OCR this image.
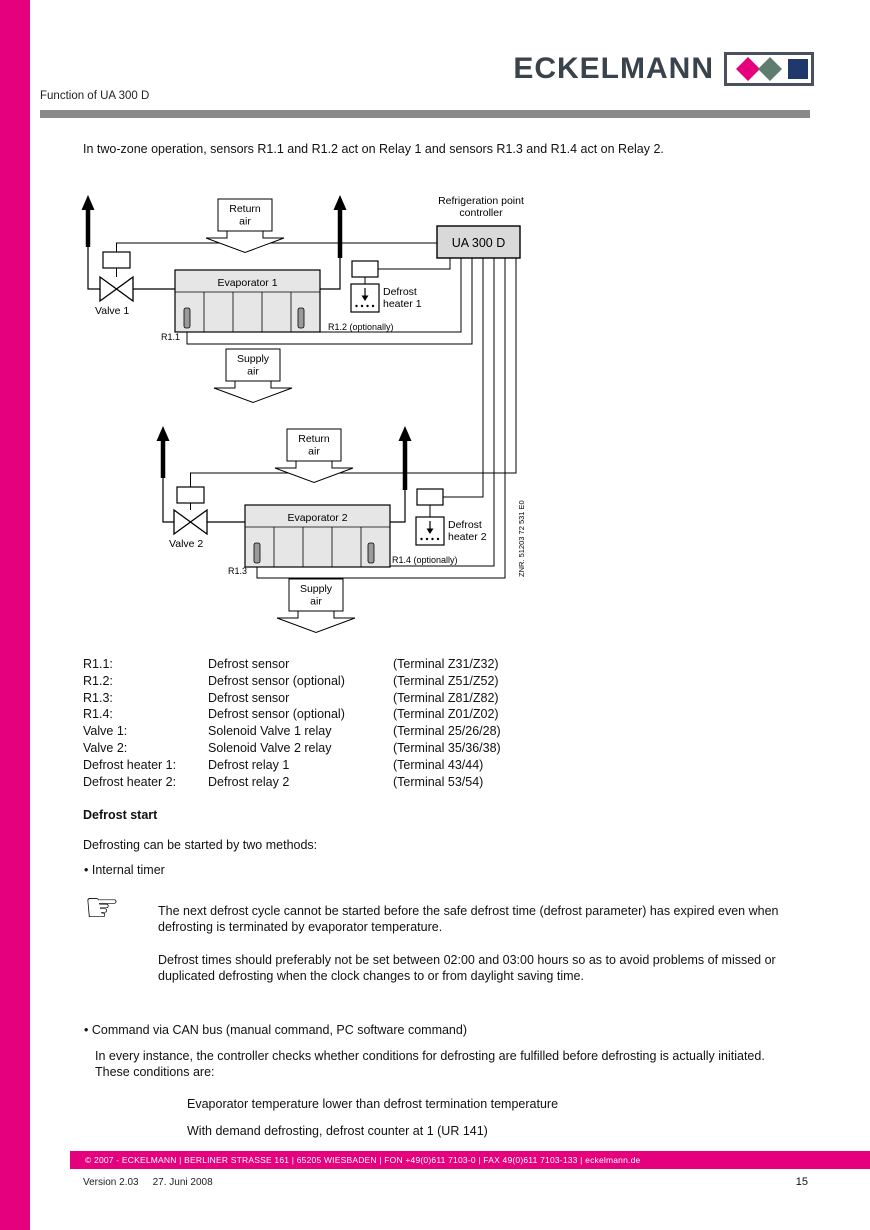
ECKELMANN
Function of UA 300 D

In two-zone operation, sensors R1.1 and R1.2 act on Relay 1 and sensors R1.3 and R1.4 act on Relay 2.

Return
air
Supply
air
Evaporator 1
R1.1
R1.2 (optionally)
Valve 1
Defrost
heater 1
Refrigeration point
controller
UA 300 D
Return
air
Supply
air
Evaporator 2
R1.3
R1.4 (optionally)
Valve 2
Defrost
heater 2	ZNR. 51203 72 531 E0
R1.1:	Defrost sensor	(Terminal Z31/Z32)
R1.2:	Defrost sensor (optional)	(Terminal Z51/Z52)
R1.3:	Defrost sensor	(Terminal Z81/Z82)
R1.4:	Defrost sensor (optional)	(Terminal Z01/Z02)
Valve 1:	Solenoid Valve 1 relay	(Terminal 25/26/28)
Valve 2:	Solenoid Valve 2 relay	(Terminal 35/36/38)
Defrost heater 1:	Defrost relay 1	(Terminal 43/44)
Defrost heater 2:	Defrost relay 2	(Terminal 53/54)
Defrost start

Defrosting can be started by two methods:

• Internal timer
☞	The next defrost cycle cannot be started before the safe defrost time (defrost parameter) has expired even when defrosting is terminated by evaporator temperature.

Defrost times should preferably not be set between 02:00 and 03:00 hours so as to avoid problems of missed or duplicated defrosting when the clock changes to or from daylight saving time.

• Command via CAN bus (manual command, PC software command)

In every instance, the controller checks whether conditions for defrosting are fulfilled before defrosting is actually initiated. These conditions are:

Evaporator temperature lower than defrost termination temperature

With demand defrosting, defrost counter at 1 (UR 141)

© 2007 - ECKELMANN | BERLINER STRASSE 161 | 65205 WIESBADEN | FON +49(0)611 7103-0 | FAX 49(0)611 7103-133 | eckelmann.de
Version 2.03 27. Juni 2008	15
